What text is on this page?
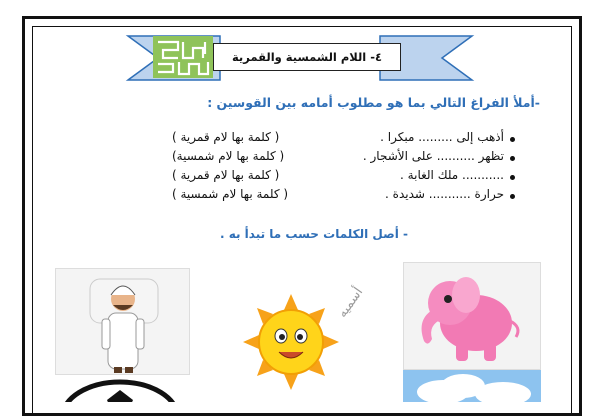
٤- اللام الشمسية والقمرية
-أملأ الفراغ التالي بما هو مطلوب أمامه بين القوسين :
أذهب إلى ......... مبكرا .
( كلمة بها لام قمرية )
تظهر .......... على الأشجار .
( كلمة بها لام شمسية)
........... ملك الغابة .
( كلمة بها لام قمرية )
حرارة ........... شديدة .
( كلمة بها لام شمسية )
- أصل الكلمات حسب ما تبدأ به .
أسميه
